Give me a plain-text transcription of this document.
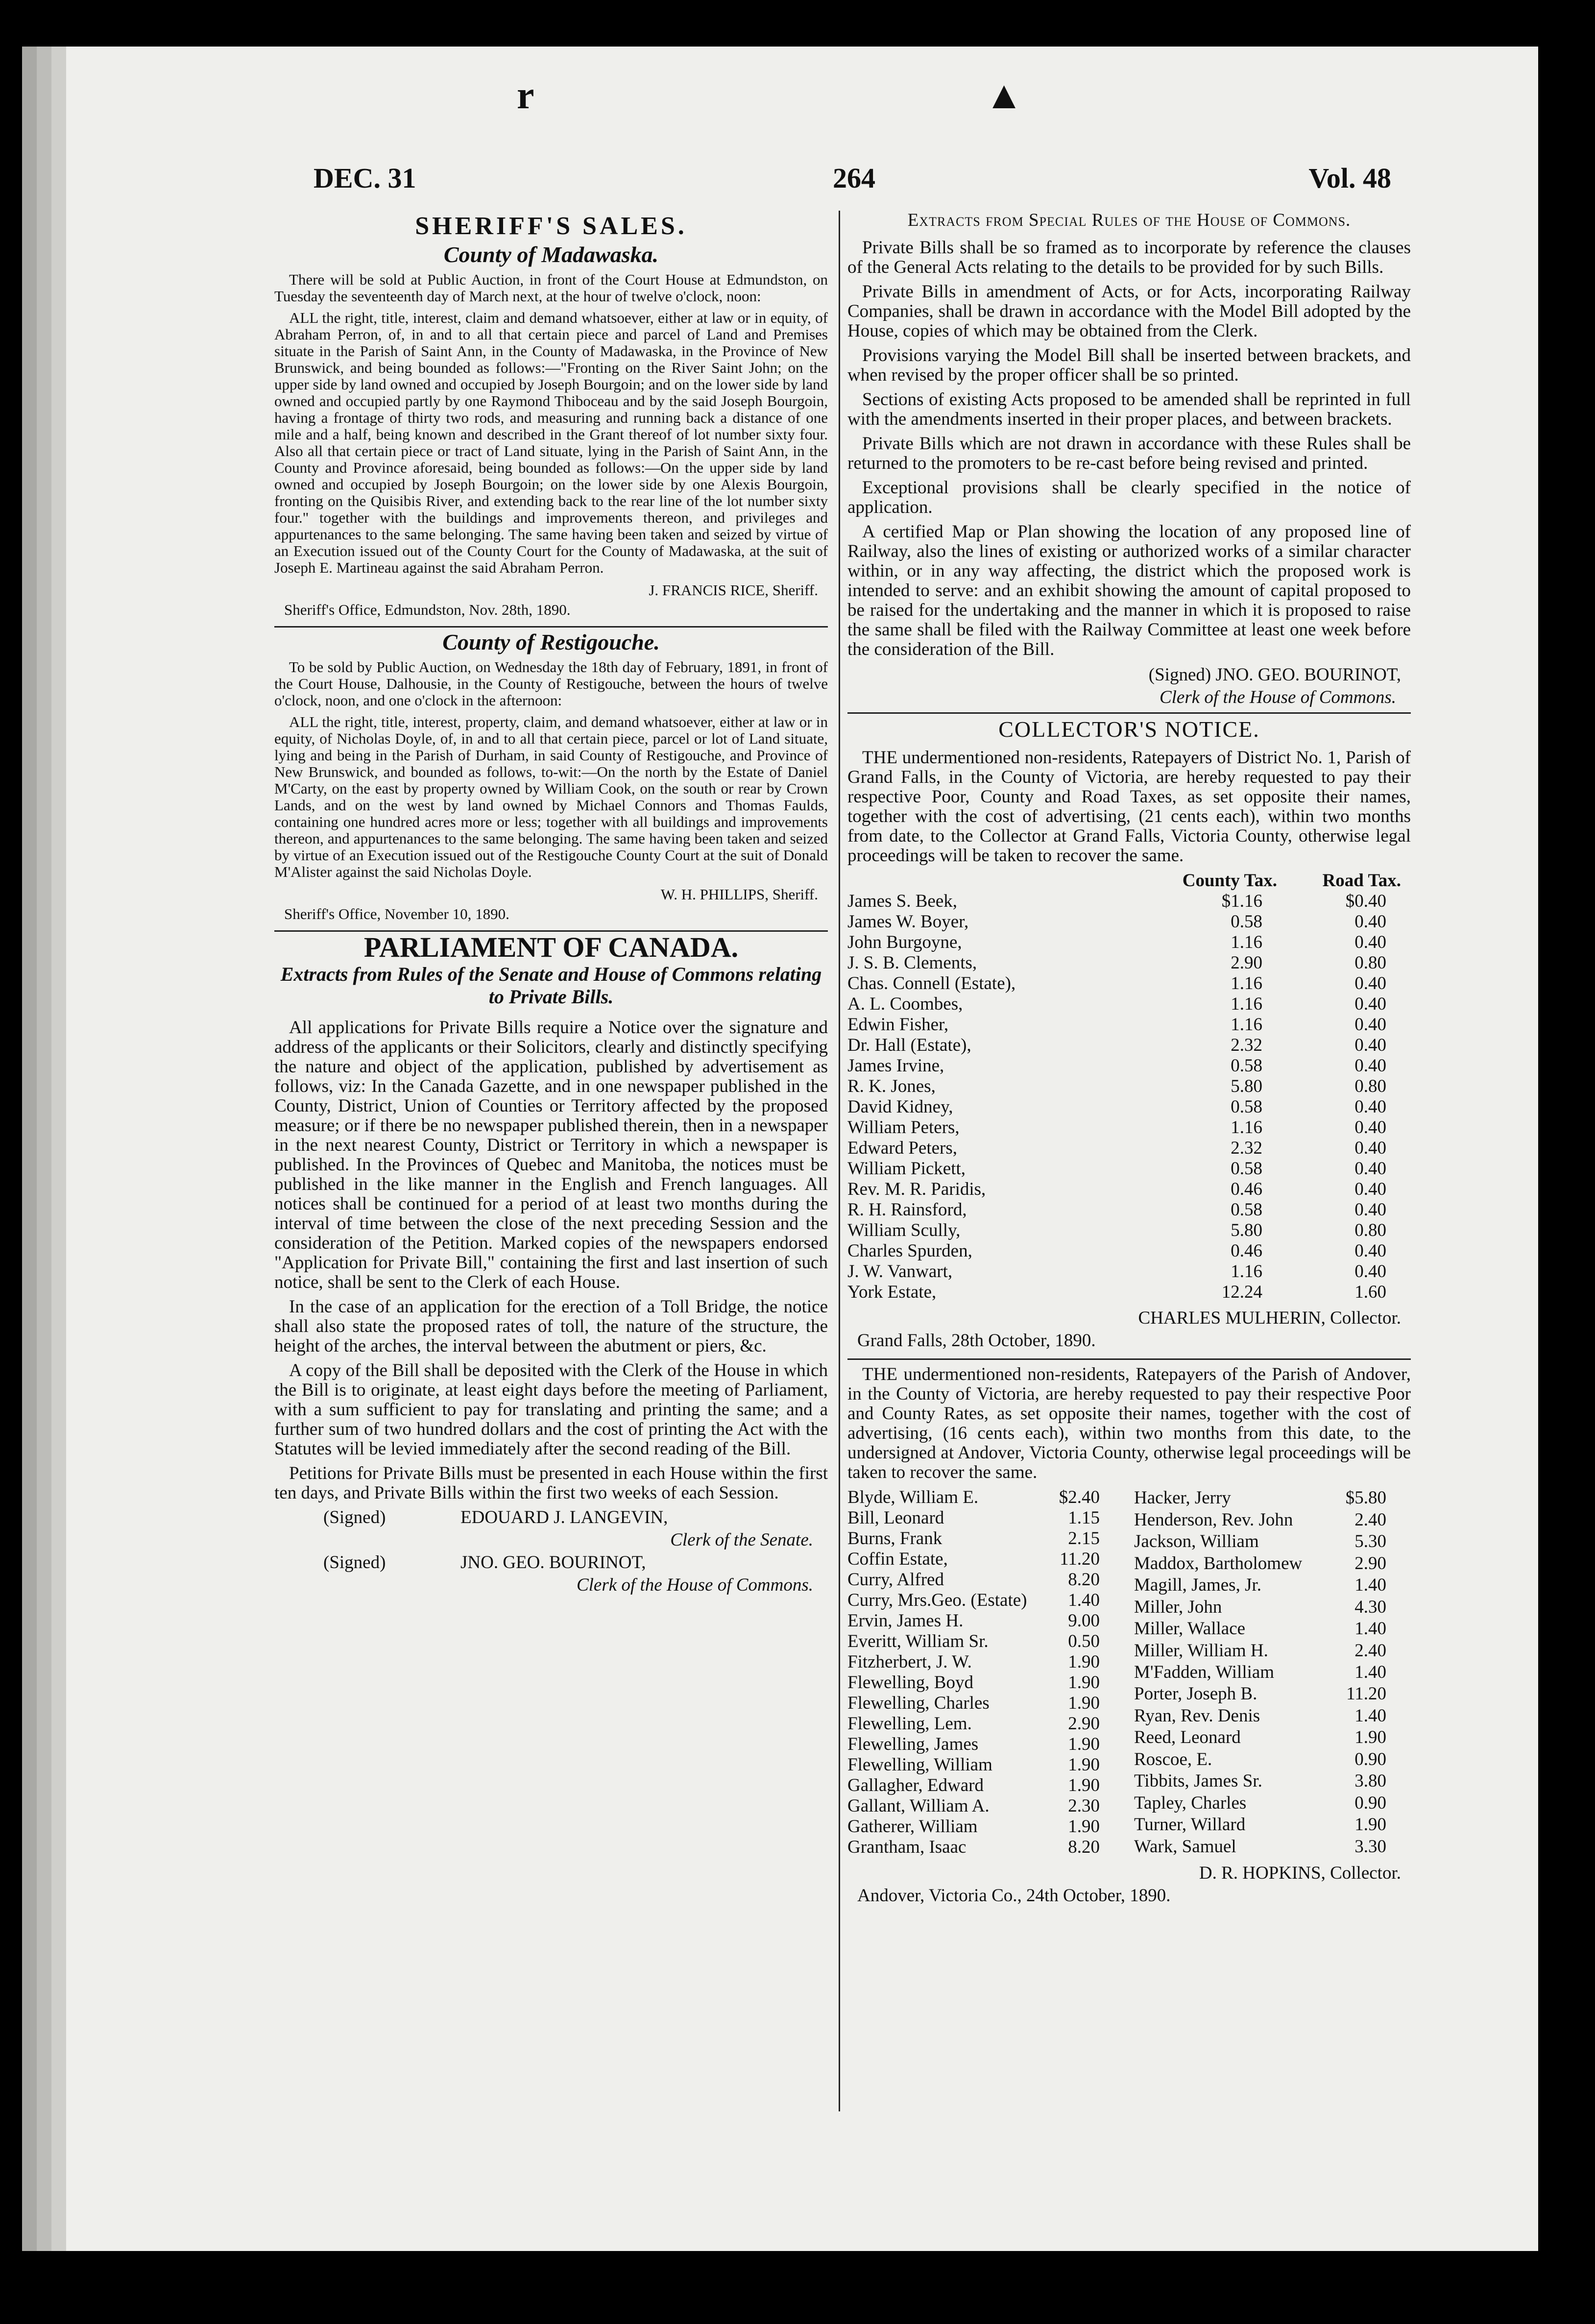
r	▲
DEC. 31	264	Vol. 48
SHERIFF'S SALES.
County of Madawaska.

There will be sold at Public Auction, in front of the Court House at Edmundston, on Tuesday the seventeenth day of March next, at the hour of twelve o'clock, noon:

ALL the right, title, interest, claim and demand whatsoever, either at law or in equity, of Abraham Perron, of, in and to all that certain piece and parcel of Land and Premises situate in the Parish of Saint Ann, in the County of Madawaska, in the Province of New Brunswick, and being bounded as follows:—"Fronting on the River Saint John; on the upper side by land owned and occupied by Joseph Bourgoin; and on the lower side by land owned and occupied partly by one Raymond Thiboceau and by the said Joseph Bourgoin, having a frontage of thirty two rods, and measuring and running back a distance of one mile and a half, being known and described in the Grant thereof of lot number sixty four. Also all that certain piece or tract of Land situate, lying in the Parish of Saint Ann, in the County and Province aforesaid, being bounded as follows:—On the upper side by land owned and occupied by Joseph Bourgoin; on the lower side by one Alexis Bourgoin, fronting on the Quisibis River, and extending back to the rear line of the lot number sixty four." together with the buildings and improvements thereon, and privileges and appurtenances to the same belonging. The same having been taken and seized by virtue of an Execution issued out of the County Court for the County of Madawaska, at the suit of Joseph E. Martineau against the said Abraham Perron.

J. FRANCIS RICE, Sheriff.
Sheriff's Office, Edmundston, Nov. 28th, 1890.
County of Restigouche.

To be sold by Public Auction, on Wednesday the 18th day of February, 1891, in front of the Court House, Dalhousie, in the County of Restigouche, between the hours of twelve o'clock, noon, and one o'clock in the afternoon:

ALL the right, title, interest, property, claim, and demand whatsoever, either at law or in equity, of Nicholas Doyle, of, in and to all that certain piece, parcel or lot of Land situate, lying and being in the Parish of Durham, in said County of Restigouche, and Province of New Brunswick, and bounded as follows, to-wit:—On the north by the Estate of Daniel M'Carty, on the east by property owned by William Cook, on the south or rear by Crown Lands, and on the west by land owned by Michael Connors and Thomas Faulds, containing one hundred acres more or less; together with all buildings and improvements thereon, and appurtenances to the same belonging. The same having been taken and seized by virtue of an Execution issued out of the Restigouche County Court at the suit of Donald M'Alister against the said Nicholas Doyle.

W. H. PHILLIPS, Sheriff.
Sheriff's Office, November 10, 1890.
PARLIAMENT OF CANADA.
Extracts from Rules of the Senate and House of Commons relating to Private Bills.

All applications for Private Bills require a Notice over the signature and address of the applicants or their Solicitors, clearly and distinctly specifying the nature and object of the application, published by advertisement as follows, viz: In the Canada Gazette, and in one newspaper published in the County, District, Union of Counties or Territory affected by the proposed measure; or if there be no newspaper published therein, then in a newspaper in the next nearest County, District or Territory in which a newspaper is published. In the Provinces of Quebec and Manitoba, the notices must be published in the like manner in the English and French languages. All notices shall be continued for a period of at least two months during the interval of time between the close of the next preceding Session and the consideration of the Petition. Marked copies of the newspapers endorsed "Application for Private Bill," containing the first and last insertion of such notice, shall be sent to the Clerk of each House.

In the case of an application for the erection of a Toll Bridge, the notice shall also state the proposed rates of toll, the nature of the structure, the height of the arches, the interval between the abutment or piers, &c.

A copy of the Bill shall be deposited with the Clerk of the House in which the Bill is to originate, at least eight days before the meeting of Parliament, with a sum sufficient to pay for translating and printing the same; and a further sum of two hundred dollars and the cost of printing the Act with the Statutes will be levied immediately after the second reading of the Bill.

Petitions for Private Bills must be presented in each House within the first ten days, and Private Bills within the first two weeks of each Session.

(Signed)	EDOUARD J. LANGEVIN,
Clerk of the Senate.
(Signed)	JNO. GEO. BOURINOT,
Clerk of the House of Commons.
Extracts from Special Rules of the House of Commons.

Private Bills shall be so framed as to incorporate by reference the clauses of the General Acts relating to the details to be provided for by such Bills.

Private Bills in amendment of Acts, or for Acts, incorporating Railway Companies, shall be drawn in accordance with the Model Bill adopted by the House, copies of which may be obtained from the Clerk.

Provisions varying the Model Bill shall be inserted between brackets, and when revised by the proper officer shall be so printed.

Sections of existing Acts proposed to be amended shall be reprinted in full with the amendments inserted in their proper places, and between brackets.

Private Bills which are not drawn in accordance with these Rules shall be returned to the promoters to be re-cast before being revised and printed.

Exceptional provisions shall be clearly specified in the notice of application.

A certified Map or Plan showing the location of any proposed line of Railway, also the lines of existing or authorized works of a similar character within, or in any way affecting, the district which the proposed work is intended to serve: and an exhibit showing the amount of capital proposed to be raised for the undertaking and the manner in which it is proposed to raise the same shall be filed with the Railway Committee at least one week before the consideration of the Bill.

(Signed) JNO. GEO. BOURINOT,
Clerk of the House of Commons.
COLLECTOR'S NOTICE.

THE undermentioned non-residents, Ratepayers of District No. 1, Parish of Grand Falls, in the County of Victoria, are hereby requested to pay their respective Poor, County and Road Taxes, as set opposite their names, together with the cost of advertising, (21 cents each), within two months from date, to the Collector at Grand Falls, Victoria County, otherwise legal proceedings will be taken to recover the same.

	County Tax.	Road Tax.
James S. Beek,	$1.16	$0.40
James W. Boyer,	0.58	0.40
John Burgoyne,	1.16	0.40
J. S. B. Clements,	2.90	0.80
Chas. Connell (Estate),	1.16	0.40
A. L. Coombes,	1.16	0.40
Edwin Fisher,	1.16	0.40
Dr. Hall (Estate),	2.32	0.40
James Irvine,	0.58	0.40
R. K. Jones,	5.80	0.80
David Kidney,	0.58	0.40
William Peters,	1.16	0.40
Edward Peters,	2.32	0.40
William Pickett,	0.58	0.40
Rev. M. R. Paridis,	0.46	0.40
R. H. Rainsford,	0.58	0.40
William Scully,	5.80	0.80
Charles Spurden,	0.46	0.40
J. W. Vanwart,	1.16	0.40
York Estate,	12.24	1.60
CHARLES MULHERIN, Collector.
Grand Falls, 28th October, 1890.

THE undermentioned non-residents, Ratepayers of the Parish of Andover, in the County of Victoria, are hereby requested to pay their respective Poor and County Rates, as set opposite their names, together with the cost of advertising, (16 cents each), within two months from this date, to the undersigned at Andover, Victoria County, otherwise legal proceedings will be taken to recover the same.

Blyde, William E.	$2.40
Bill, Leonard	1.15
Burns, Frank	2.15
Coffin Estate,	11.20
Curry, Alfred	8.20
Curry, Mrs.Geo. (Estate)	1.40
Ervin, James H.	9.00
Everitt, William Sr.	0.50
Fitzherbert, J. W.	1.90
Flewelling, Boyd	1.90
Flewelling, Charles	1.90
Flewelling, Lem.	2.90
Flewelling, James	1.90
Flewelling, William	1.90
Gallagher, Edward	1.90
Gallant, William A.	2.30
Gatherer, William	1.90
Grantham, Isaac	8.20
Hacker, Jerry	$5.80
Henderson, Rev. John	2.40
Jackson, William	5.30
Maddox, Bartholomew	2.90
Magill, James, Jr.	1.40
Miller, John	4.30
Miller, Wallace	1.40
Miller, William H.	2.40
M'Fadden, William	1.40
Porter, Joseph B.	11.20
Ryan, Rev. Denis	1.40
Reed, Leonard	1.90
Roscoe, E.	0.90
Tibbits, James Sr.	3.80
Tapley, Charles	0.90
Turner, Willard	1.90
Wark, Samuel	3.30
D. R. HOPKINS, Collector.
Andover, Victoria Co., 24th October, 1890.
